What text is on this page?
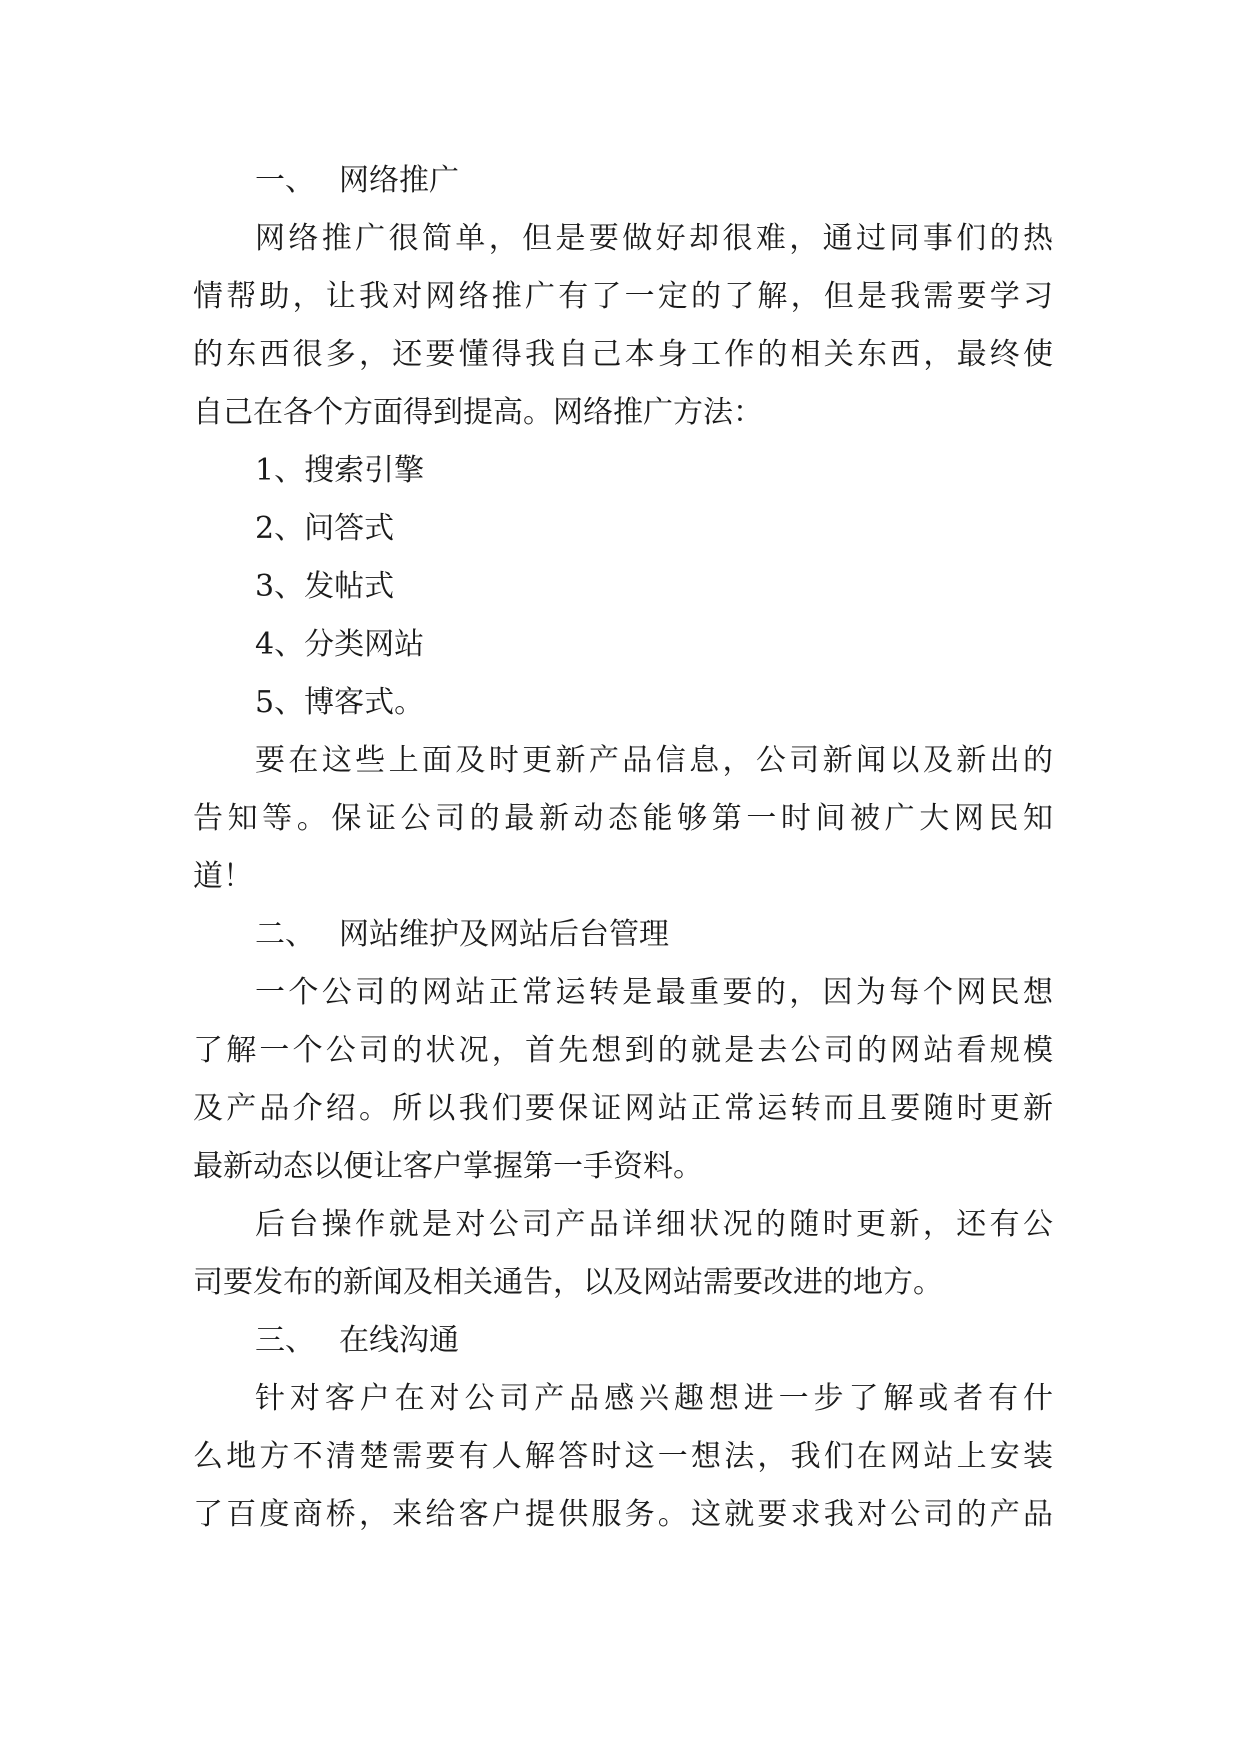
一、 网络推广
网络推广很简单，但是要做好却很难，通过同事们的热
情帮助，让我对网络推广有了一定的了解，但是我需要学习
的东西很多，还要懂得我自己本身工作的相关东西，最终使
自己在各个方面得到提高。网络推广方法：
1、搜索引擎
2、问答式
3、发帖式
4、分类网站
5、博客式。
要在这些上面及时更新产品信息，公司新闻以及新出的
告知等。保证公司的最新动态能够第一时间被广大网民知
道！
二、 网站维护及网站后台管理
一个公司的网站正常运转是最重要的，因为每个网民想
了解一个公司的状况，首先想到的就是去公司的网站看规模
及产品介绍。所以我们要保证网站正常运转而且要随时更新
最新动态以便让客户掌握第一手资料。
后台操作就是对公司产品详细状况的随时更新，还有公
司要发布的新闻及相关通告，以及网站需要改进的地方。
三、 在线沟通
针对客户在对公司产品感兴趣想进一步了解或者有什
么地方不清楚需要有人解答时这一想法，我们在网站上安装
了百度商桥，来给客户提供服务。这就要求我对公司的产品
